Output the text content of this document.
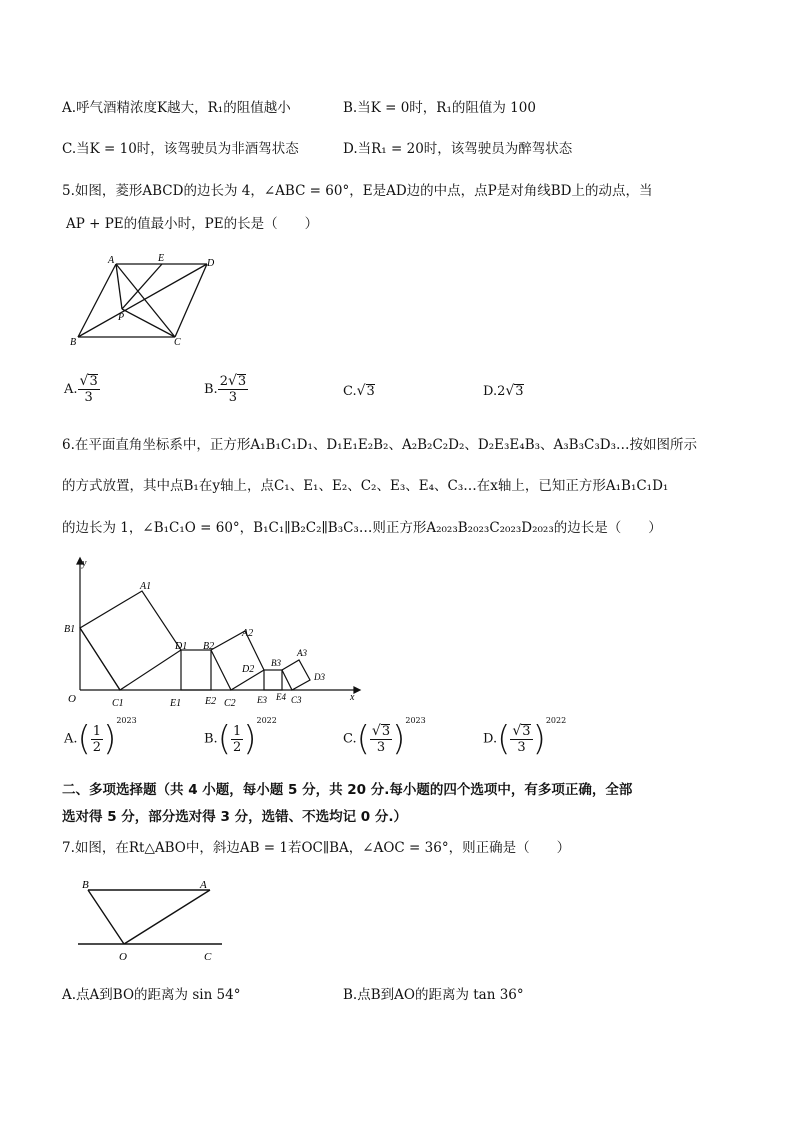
A.呼气酒精浓度K越大，R₁的阻值越小	B.当K = 0时，R₁的阻值为 100
C.当K = 10时，该驾驶员为非酒驾状态	D.当R₁ = 20时，该驾驶员为醉驾状态
5.如图，菱形ABCD的边长为 4，∠ABC = 60°，E是AD边的中点，点P是对角线BD上的动点，当
AP + PE的值最小时，PE的长是（　　）
A	E	D
P
B	C
A. $\frac{√3}{3}$	B. $\frac{2√3}{3}$	C.√3	D.2√3
6.在平面直角坐标系中，正方形A₁B₁C₁D₁、D₁E₁E₂B₂、A₂B₂C₂D₂、D₂E₃E₄B₃、A₃B₃C₃D₃…按如图所示
的方式放置，其中点B₁在y轴上，点C₁、E₁、E₂、C₂、E₃、E₄、C₃…在x轴上，已知正方形A₁B₁C₁D₁
的边长为 1，∠B₁C₁O = 60°，B₁C₁∥B₂C₂∥B₃C₃…则正方形A₂₀₂₃B₂₀₂₃C₂₀₂₃D₂₀₂₃的边长是（　　）
y
A1
B1
D1 B2
A2
D2
B3
A3
D3
O	C1	E1 E2 C2 E3 E4 C3	x
$A.( \frac{1}{2} )^{2023}$
$B.( \frac{1}{2} )^{2022}$
$C.( \frac{√3}{3} )^{2023}$
$D.( \frac{√3}{3} )^{2022}$
二、多项选择题（共 4 小题，每小题 5 分，共 20 分.每小题的四个选项中，有多项正确，全部
选对得 5 分，部分选对得 3 分，选错、不选均记 0 分.）
7.如图，在Rt△ABO中，斜边AB = 1若OC∥BA，∠AOC = 36°，则正确是（　　）
B	A
O	C
A.点A到BO的距离为 sin 54°	B.点B到AO的距离为 tan 36°
